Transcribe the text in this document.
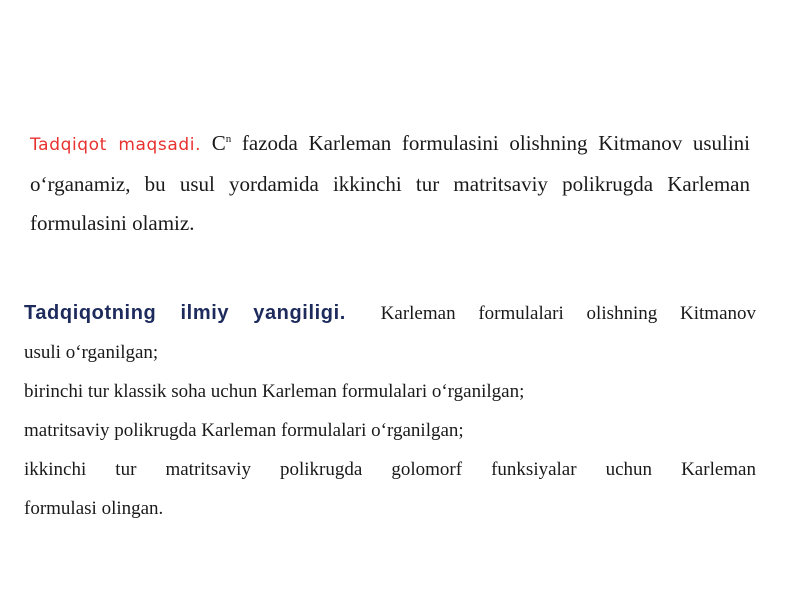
Tadqiqot maqsadi. $C^n$ fazoda Karleman formulasini olishning Kitmanov usulini o‘rganamiz, bu usul yordamida ikkinchi tur matritsaviy polikrugda Karleman formulasini olamiz.
Tadqiqotning ilmiy yangiligi. Karleman formulalari olishning Kitmanov
usuli o‘rganilgan;
birinchi tur klassik soha uchun Karleman formulalari o‘rganilgan;
matritsaviy polikrugda Karleman formulalari o‘rganilgan;
ikkinchi tur matritsaviy polikrugda golomorf funksiyalar uchun Karleman
formulasi olingan.
